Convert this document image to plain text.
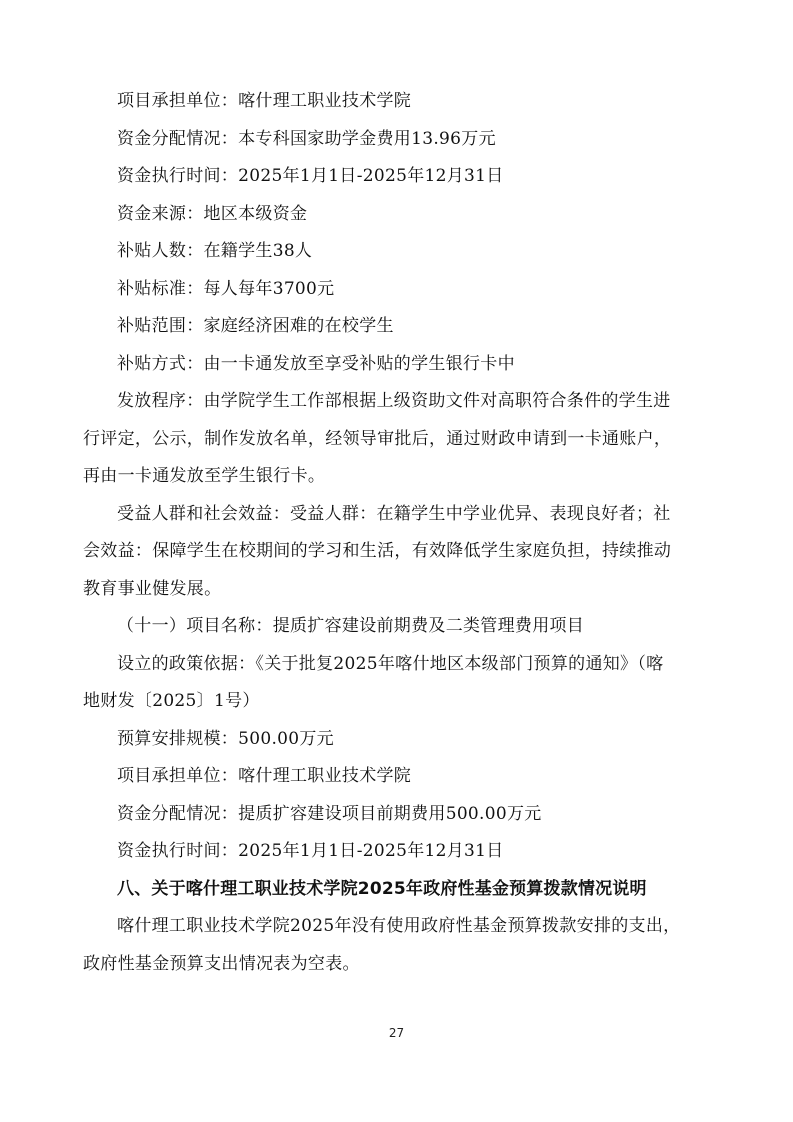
项目承担单位：喀什理工职业技术学院

资金分配情况：本专科国家助学金费用13.96万元

资金执行时间：2025年1月1日-2025年12月31日

资金来源：地区本级资金

补贴人数：在籍学生38人

补贴标准：每人每年3700元

补贴范围：家庭经济困难的在校学生

补贴方式：由一卡通发放至享受补贴的学生银行卡中

发放程序：由学院学生工作部根据上级资助文件对高职符合条件的学生进
行评定，公示，制作发放名单，经领导审批后，通过财政申请到一卡通账户，
再由一卡通发放至学生银行卡。
受益人群和社会效益：受益人群：在籍学生中学业优异、表现良好者；社
会效益：保障学生在校期间的学习和生活，有效降低学生家庭负担，持续推动
教育事业健发展。

（十一）项目名称：提质扩容建设前期费及二类管理费用项目

设立的政策依据：《关于批复2025年喀什地区本级部门预算的通知》（喀
地财发〔2025〕1号）

预算安排规模：500.00万元

项目承担单位：喀什理工职业技术学院

资金分配情况：提质扩容建设项目前期费用500.00万元

资金执行时间：2025年1月1日-2025年12月31日

八、关于喀什理工职业技术学院2025年政府性基金预算拨款情况说明

喀什理工职业技术学院2025年没有使用政府性基金预算拨款安排的支出，
政府性基金预算支出情况表为空表。
27
